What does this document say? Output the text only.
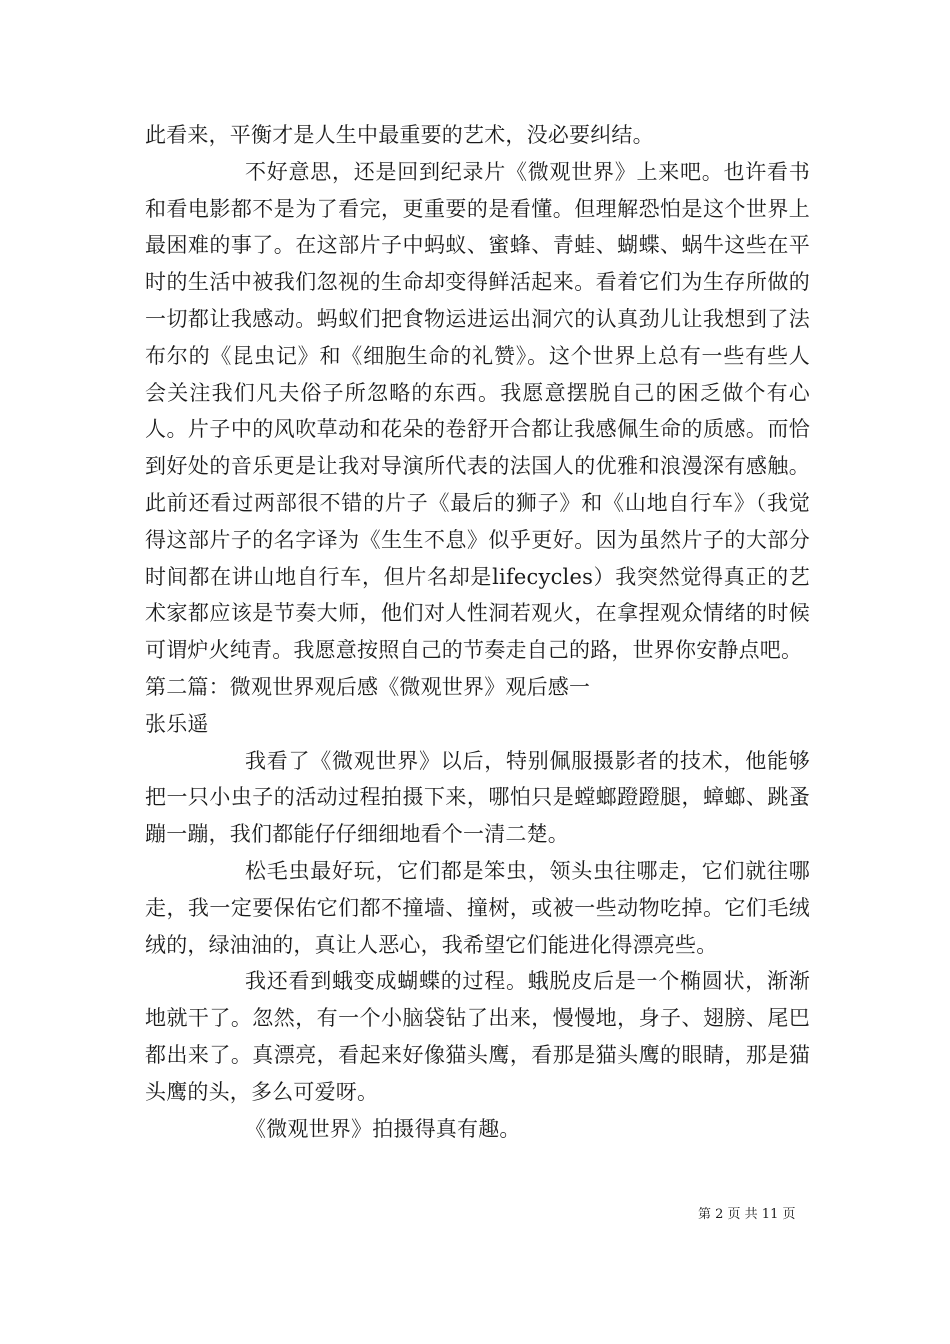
此看来，平衡才是人生中最重要的艺术，没必要纠结。

不好意思，还是回到纪录片《微观世界》上来吧。也许看书和看电影都不是为了看完，更重要的是看懂。但理解恐怕是这个世界上最困难的事了。在这部片子中蚂蚁、蜜蜂、青蛙、蝴蝶、蜗牛这些在平时的生活中被我们忽视的生命却变得鲜活起来。看着它们为生存所做的一切都让我感动。蚂蚁们把食物运进运出洞穴的认真劲儿让我想到了法布尔的《昆虫记》和《细胞生命的礼赞》。这个世界上总有一些有些人会关注我们凡夫俗子所忽略的东西。我愿意摆脱自己的困乏做个有心人。片子中的风吹草动和花朵的卷舒开合都让我感佩生命的质感。而恰到好处的音乐更是让我对导演所代表的法国人的优雅和浪漫深有感触。此前还看过两部很不错的片子《最后的狮子》和《山地自行车》（我觉得这部片子的名字译为《生生不息》似乎更好。因为虽然片子的大部分时间都在讲山地自行车，但片名却是lifecycles）我突然觉得真正的艺术家都应该是节奏大师，他们对人性洞若观火，在拿捏观众情绪的时候可谓炉火纯青。我愿意按照自己的节奏走自己的路，世界你安静点吧。

第二篇：微观世界观后感《微观世界》观后感一

张乐遥

我看了《微观世界》以后，特别佩服摄影者的技术，他能够把一只小虫子的活动过程拍摄下来，哪怕只是螳螂蹬蹬腿，蟑螂、跳蚤蹦一蹦，我们都能仔仔细细地看个一清二楚。

松毛虫最好玩，它们都是笨虫，领头虫往哪走，它们就往哪走，我一定要保佑它们都不撞墙、撞树，或被一些动物吃掉。它们毛绒绒的，绿油油的，真让人恶心，我希望它们能进化得漂亮些。

我还看到蛾变成蝴蝶的过程。蛾脱皮后是一个椭圆状，渐渐地就干了。忽然，有一个小脑袋钻了出来，慢慢地，身子、翅膀、尾巴都出来了。真漂亮，看起来好像猫头鹰，看那是猫头鹰的眼睛，那是猫头鹰的头，多么可爱呀。

《微观世界》拍摄得真有趣。

第 2 页 共 11 页
